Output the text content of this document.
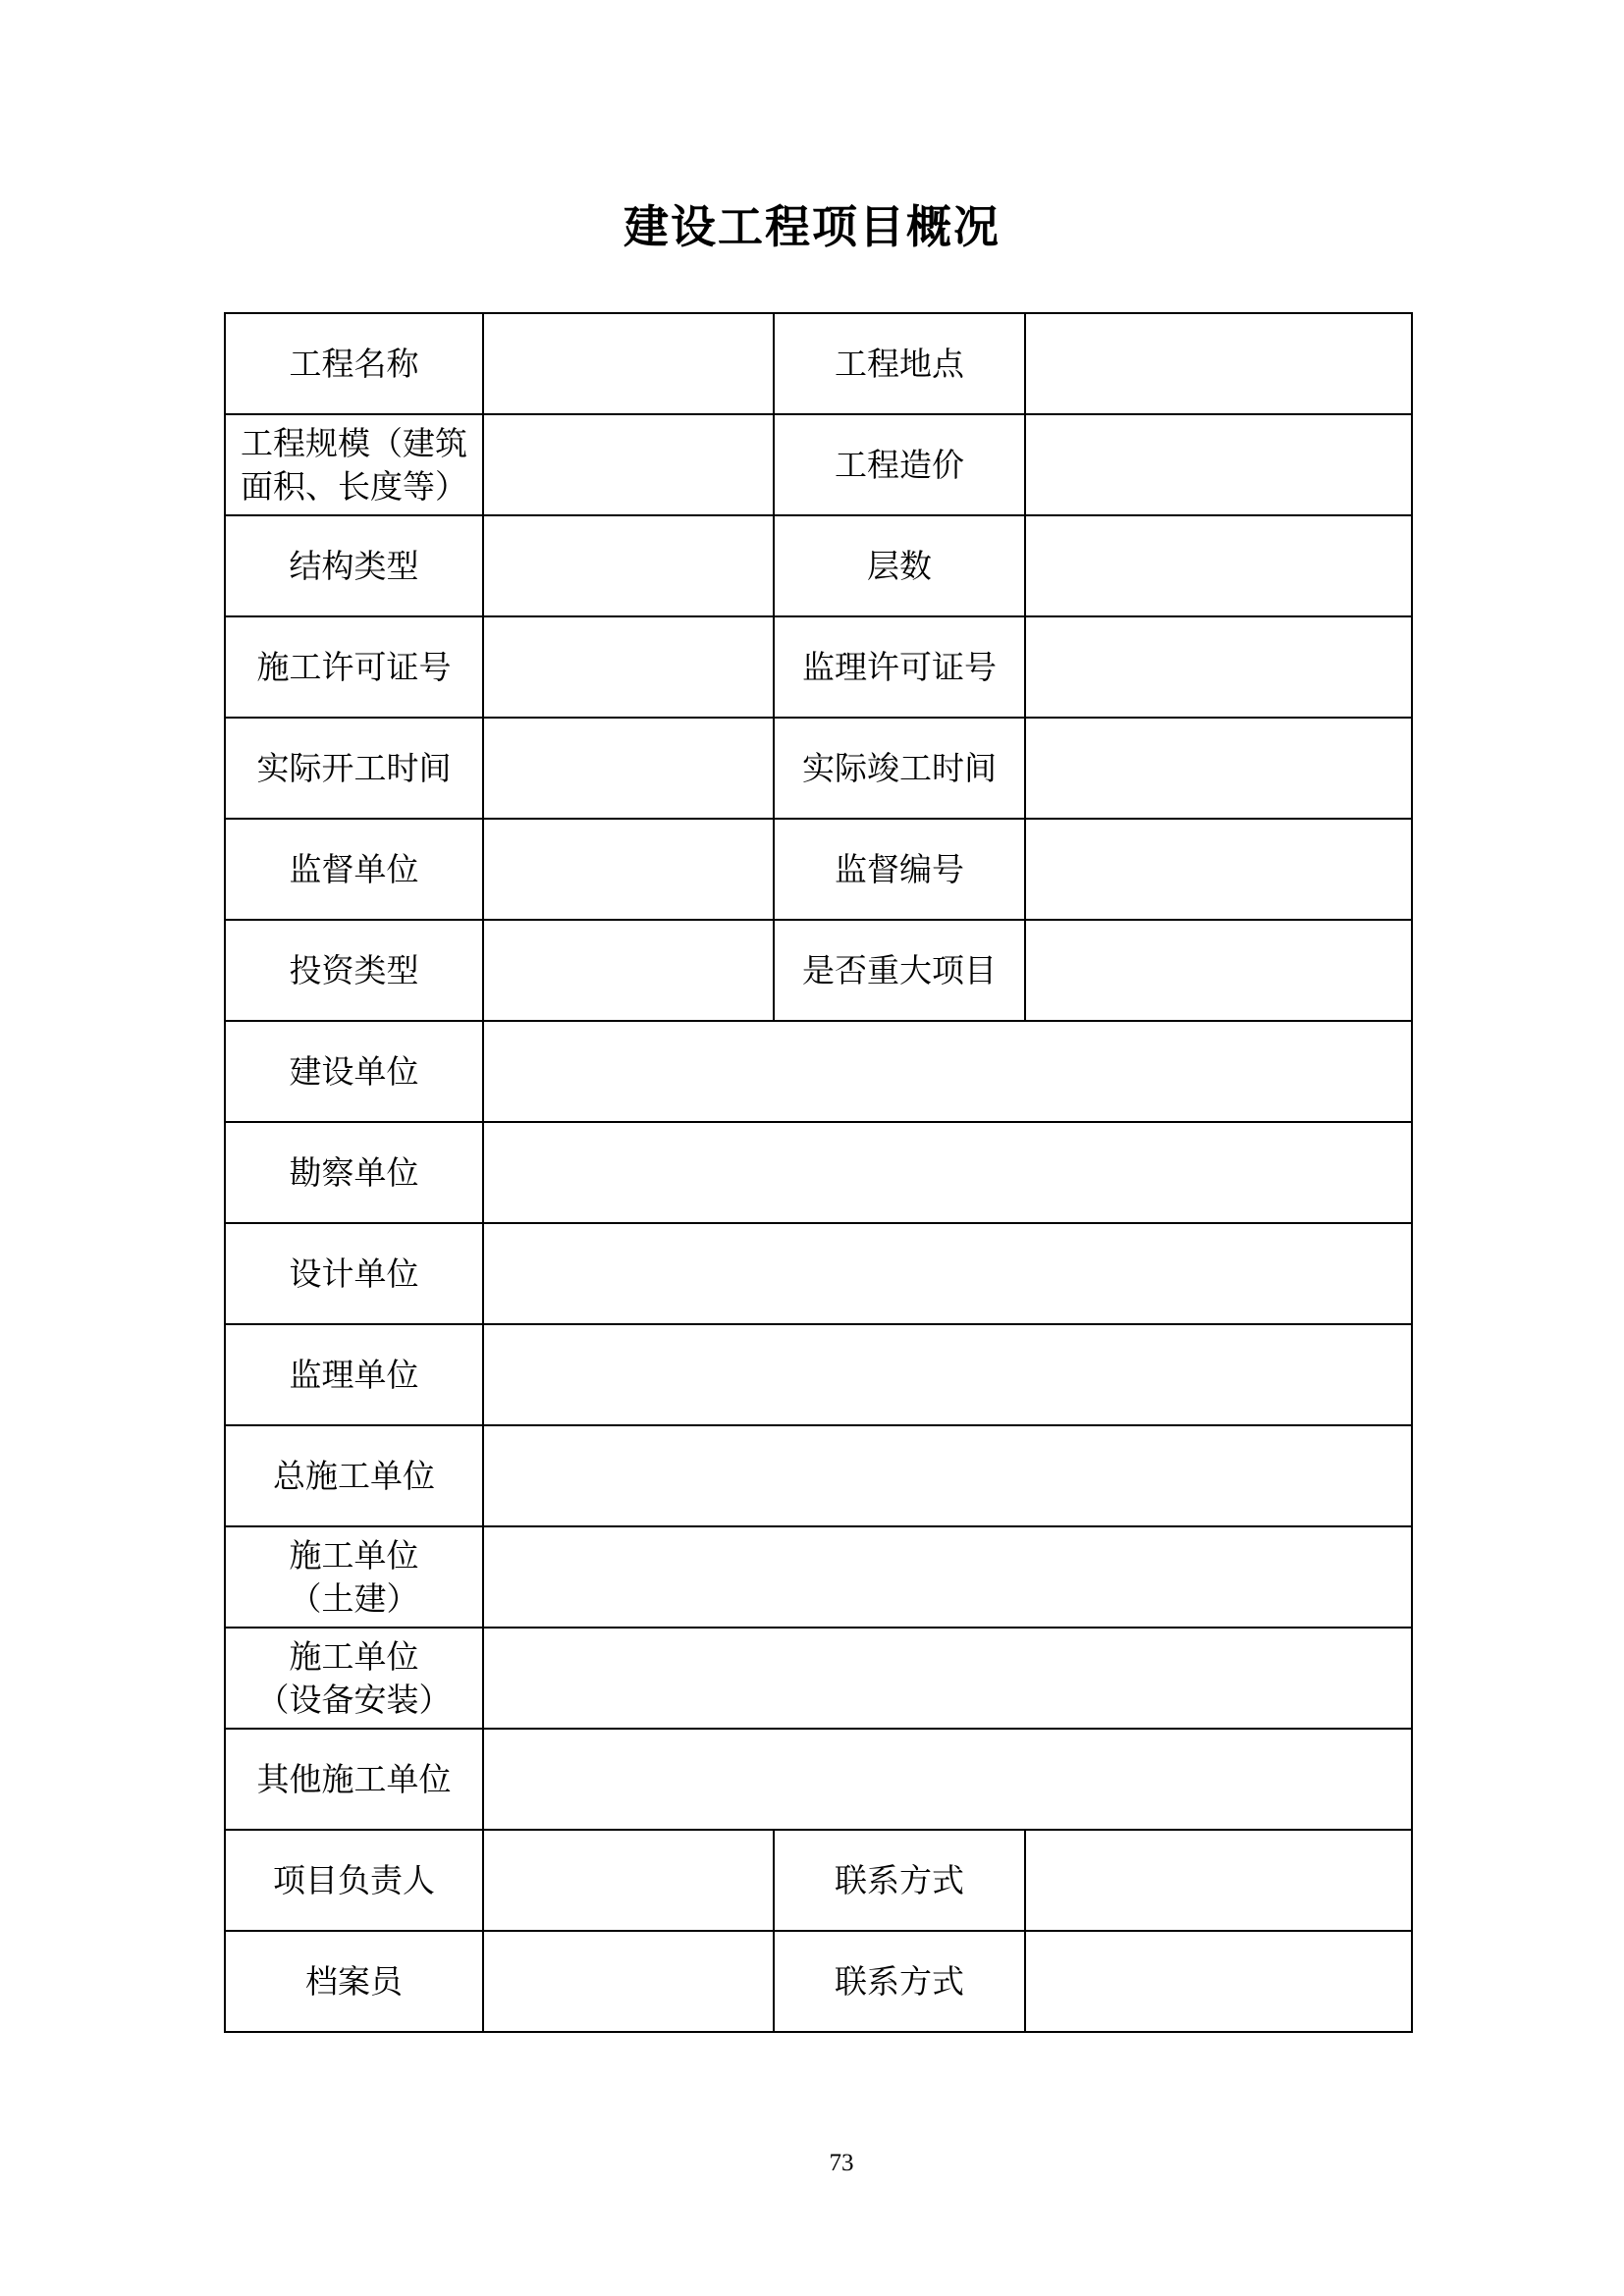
建设工程项目概况
工程名称		工程地点	
工程规模（建筑面积、长度等）		工程造价	
结构类型		层数	
施工许可证号		监理许可证号	
实际开工时间		实际竣工时间	
监督单位		监督编号	
投资类型		是否重大项目	
建设单位			
勘察单位			
设计单位			
监理单位			
总施工单位			
施工单位
（土建）			
施工单位
（设备安装）			
其他施工单位			
项目负责人		联系方式	
档案员		联系方式	
73
